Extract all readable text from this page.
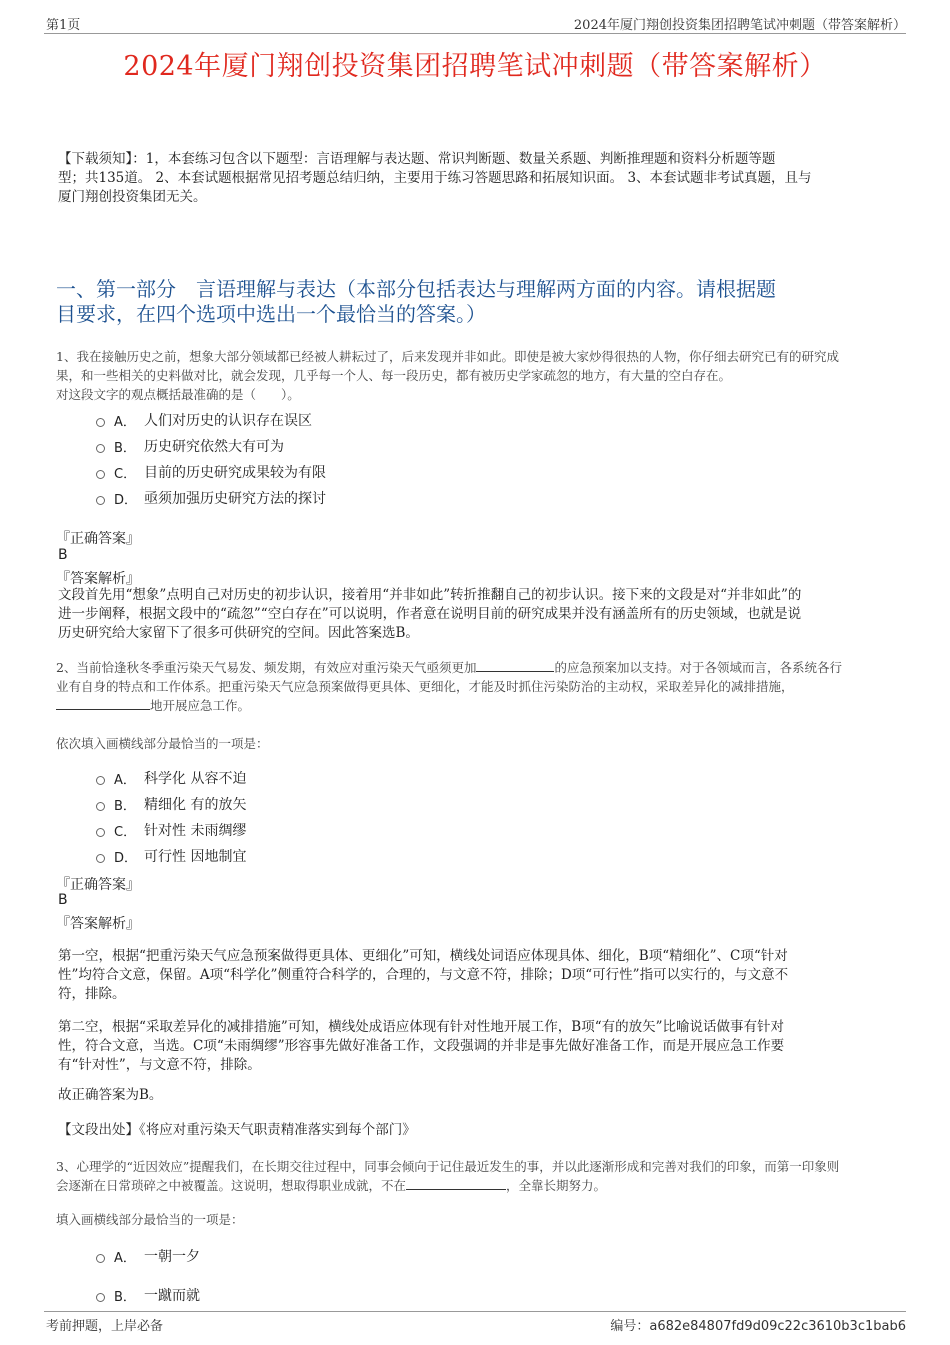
第1页	2024年厦门翔创投资集团招聘笔试冲刺题（带答案解析）
2024年厦门翔创投资集团招聘笔试冲刺题（带答案解析）
【下载须知】：1，本套练习包含以下题型：言语理解与表达题、常识判断题、数量关系题、判断推理题和资料分析题等题
型；共135道。 2、本套试题根据常见招考题总结归纳，主要用于练习答题思路和拓展知识面。 3、本套试题非考试真题，且与
厦门翔创投资集团无关。
一、第一部分　言语理解与表达（本部分包括表达与理解两方面的内容。请根据题
目要求，在四个选项中选出一个最恰当的答案。）
1、我在接触历史之前，想象大部分领域都已经被人耕耘过了，后来发现并非如此。即使是被大家炒得很热的人物，你仔细去研究已有的研究成
果，和一些相关的史料做对比，就会发现，几乎每一个人、每一段历史，都有被历史学家疏忽的地方，有大量的空白存在。
对这段文字的观点概括最准确的是（　　）。
A． 人们对历史的认识存在误区
B． 历史研究依然大有可为
C． 目前的历史研究成果较为有限
D． 亟须加强历史研究方法的探讨
『正确答案』
B
『答案解析』
文段首先用“想象”点明自己对历史的初步认识，接着用“并非如此”转折推翻自己的初步认识。接下来的文段是对“并非如此”的
进一步阐释，根据文段中的“疏忽”“空白存在”可以说明，作者意在说明目前的研究成果并没有涵盖所有的历史领域，也就是说
历史研究给大家留下了很多可供研究的空间。因此答案选B。
2、当前恰逢秋冬季重污染天气易发、频发期，有效应对重污染天气亟须更加	的应急预案加以支持。对于各领域而言，各系统各行
业有自身的特点和工作体系。把重污染天气应急预案做得更具体、更细化，才能及时抓住污染防治的主动权，采取差异化的减排措施，
地开展应急工作。
依次填入画横线部分最恰当的一项是：
A． 科学化 从容不迫
B． 精细化 有的放矢
C． 针对性 未雨绸缪
D． 可行性 因地制宜
『正确答案』
B
『答案解析』
第一空，根据“把重污染天气应急预案做得更具体、更细化”可知，横线处词语应体现具体、细化，B项“精细化”、C项“针对
性”均符合文意，保留。A项“科学化”侧重符合科学的，合理的，与文意不符，排除；D项“可行性”指可以实行的，与文意不
符，排除。
第二空，根据“采取差异化的减排措施”可知，横线处成语应体现有针对性地开展工作，B项“有的放矢”比喻说话做事有针对
性，符合文意，当选。C项“未雨绸缪”形容事先做好准备工作，文段强调的并非是事先做好准备工作，而是开展应急工作要
有“针对性”，与文意不符，排除。
故正确答案为B。
【文段出处】《将应对重污染天气职责精准落实到每个部门》
3、心理学的“近因效应”提醒我们，在长期交往过程中，同事会倾向于记住最近发生的事，并以此逐渐形成和完善对我们的印象，而第一印象则
会逐渐在日常琐碎之中被覆盖。这说明，想取得职业成就，不在	，全靠长期努力。
填入画横线部分最恰当的一项是：
A． 一朝一夕
B． 一蹴而就
考前押题，上岸必备	编号：a682e84807fd9d09c22c3610b3c1bab6
